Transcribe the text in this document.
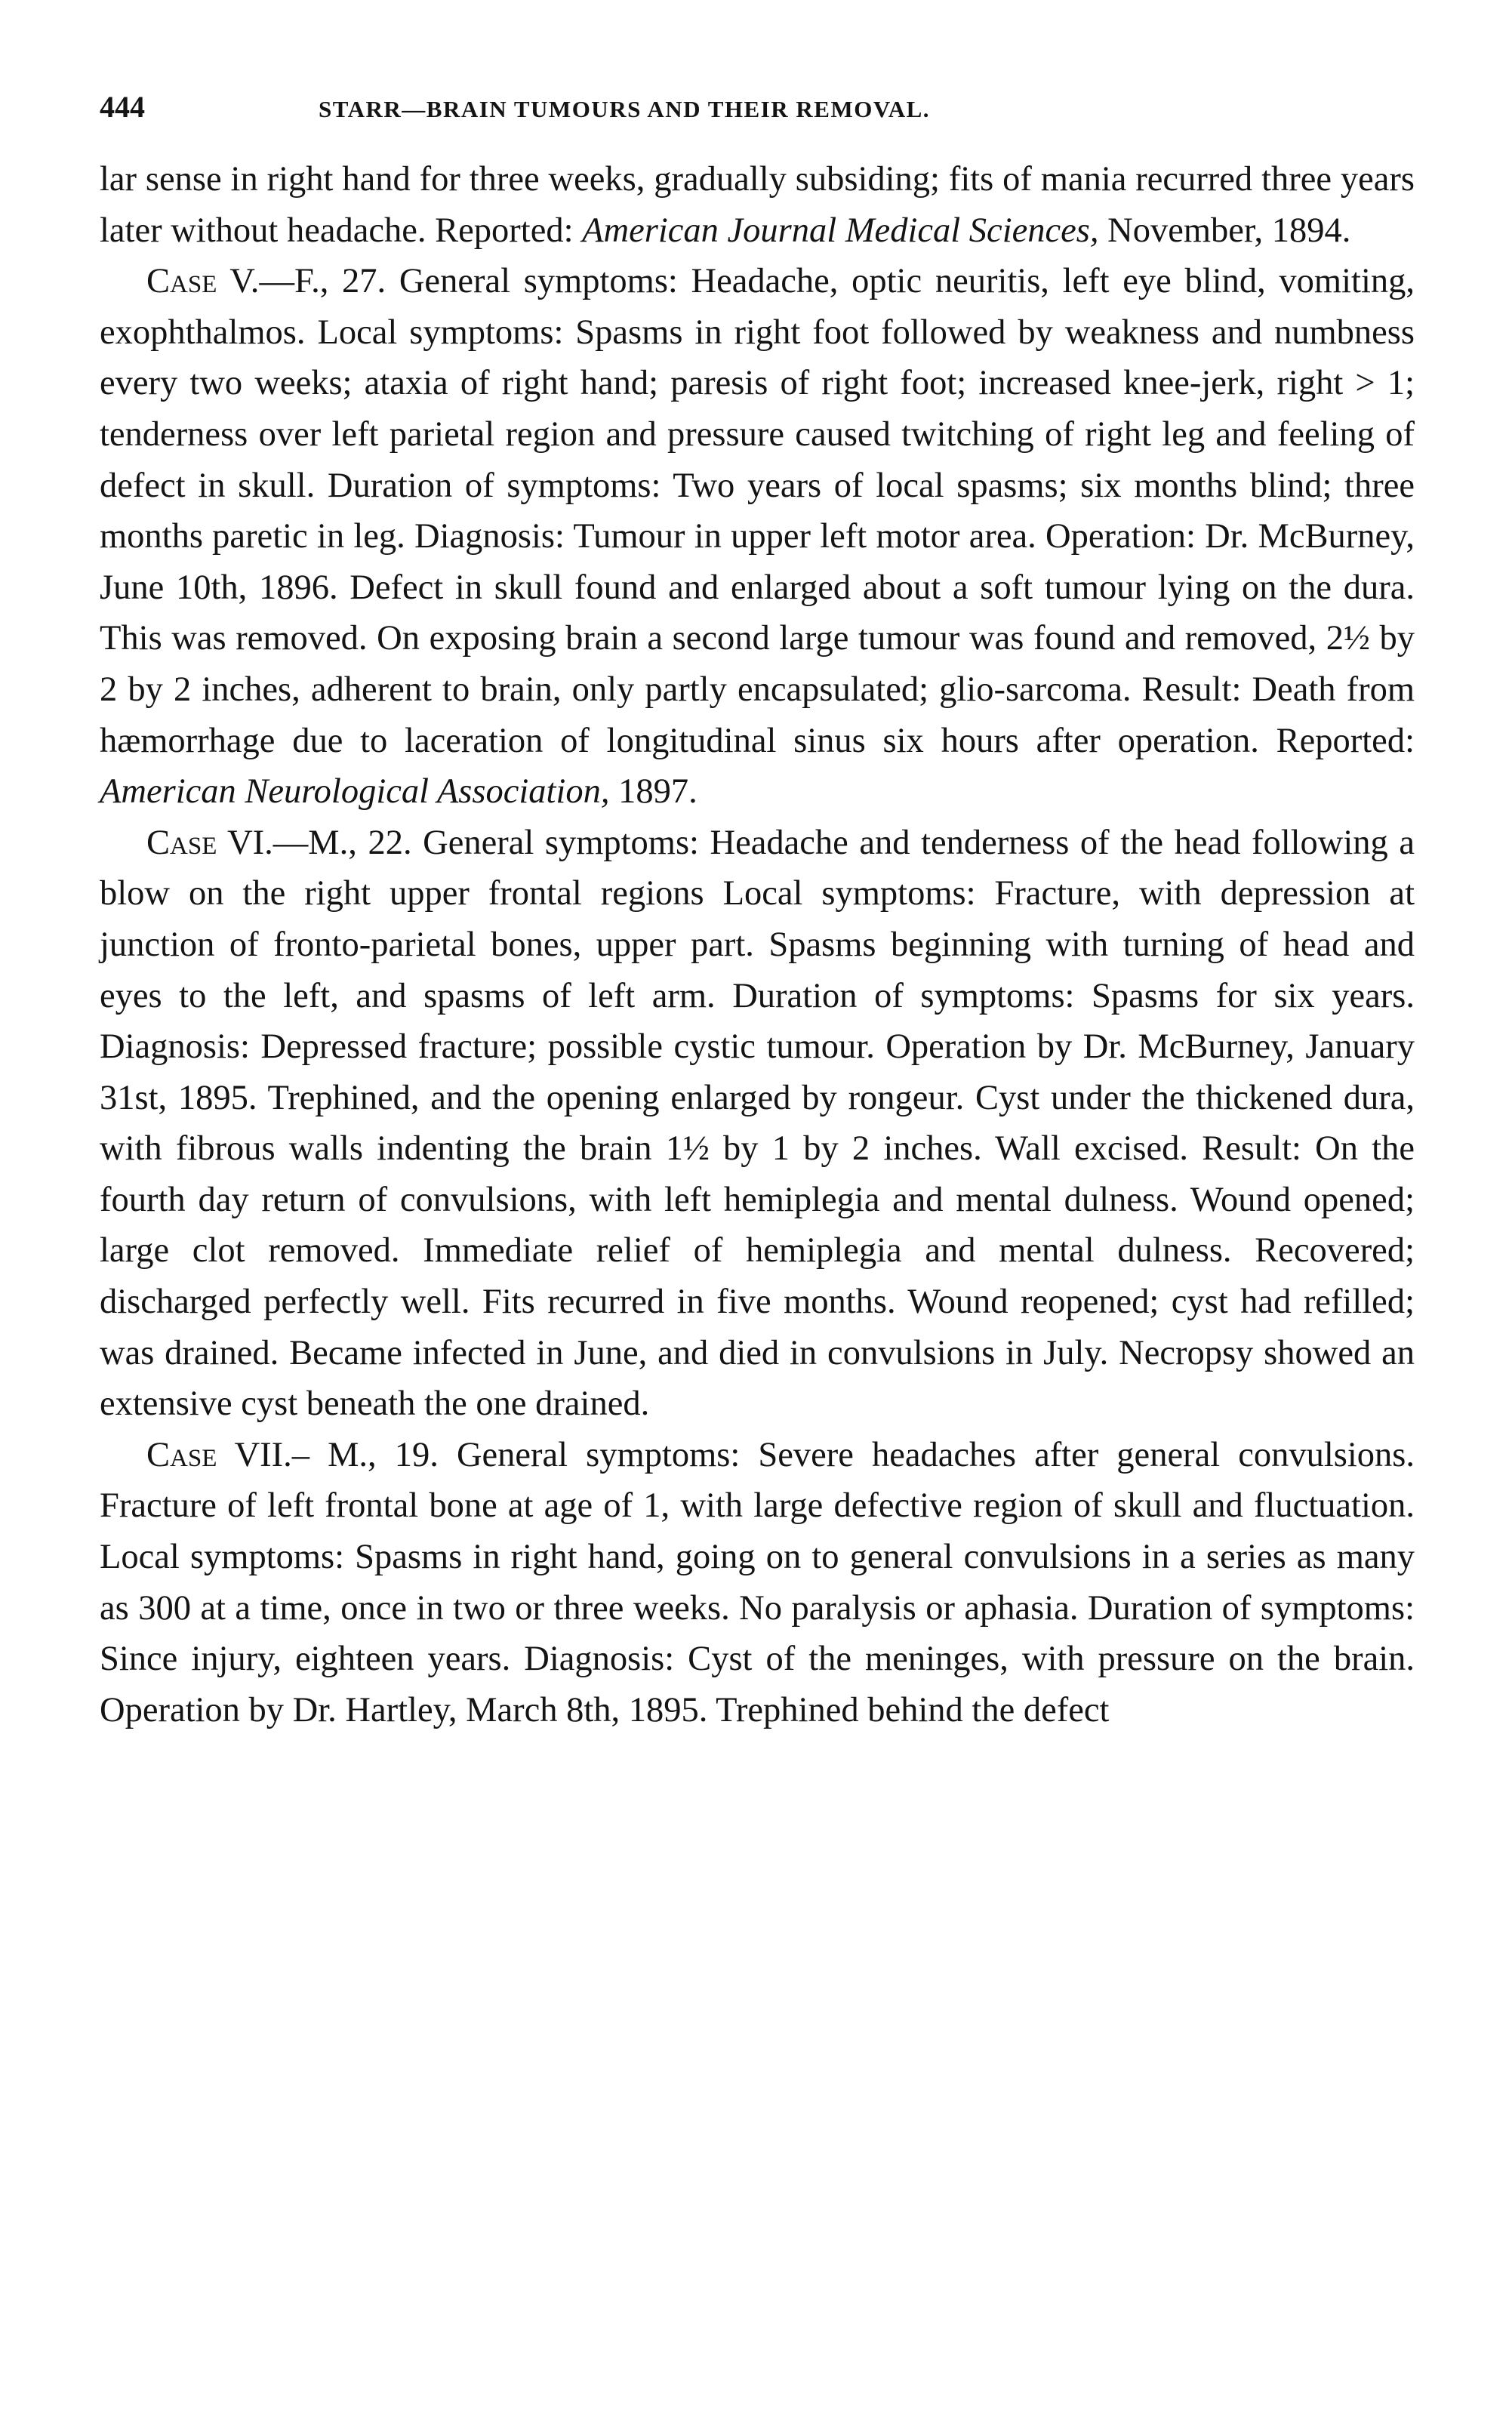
444	STARR—BRAIN TUMOURS AND THEIR REMOVAL.

lar sense in right hand for three weeks, gradually subsiding; fits of mania recurred three years later without headache. Reported: American Journal Medical Sciences, November, 1894.

Case V.—F., 27. General symptoms: Headache, optic neuritis, left eye blind, vomiting, exophthalmos. Local symptoms: Spasms in right foot followed by weakness and numbness every two weeks; ataxia of right hand; paresis of right foot; increased knee-jerk, right > 1; tenderness over left parietal region and pressure caused twitching of right leg and feeling of defect in skull. Duration of symptoms: Two years of local spasms; six months blind; three months paretic in leg. Diagnosis: Tumour in upper left motor area. Operation: Dr. McBurney, June 10th, 1896. Defect in skull found and enlarged about a soft tumour lying on the dura. This was removed. On exposing brain a second large tumour was found and removed, 2½ by 2 by 2 inches, adherent to brain, only partly encapsulated; glio-sarcoma. Result: Death from hæmorrhage due to laceration of longitudinal sinus six hours after operation. Reported: American Neurological Association, 1897.

Case VI.—M., 22. General symptoms: Headache and tenderness of the head following a blow on the right upper frontal regions Local symptoms: Fracture, with depression at junction of fronto-parietal bones, upper part. Spasms beginning with turning of head and eyes to the left, and spasms of left arm. Duration of symptoms: Spasms for six years. Diagnosis: Depressed fracture; possible cystic tumour. Operation by Dr. McBurney, January 31st, 1895. Trephined, and the opening enlarged by rongeur. Cyst under the thickened dura, with fibrous walls indenting the brain 1½ by 1 by 2 inches. Wall excised. Result: On the fourth day return of convulsions, with left hemiplegia and mental dulness. Wound opened; large clot removed. Immediate relief of hemiplegia and mental dulness. Recovered; discharged perfectly well. Fits recurred in five months. Wound reopened; cyst had refilled; was drained. Became infected in June, and died in convulsions in July. Necropsy showed an extensive cyst beneath the one drained.

Case VII.– M., 19. General symptoms: Severe headaches after general convulsions. Fracture of left frontal bone at age of 1, with large defective region of skull and fluctuation. Local symptoms: Spasms in right hand, going on to general convulsions in a series as many as 300 at a time, once in two or three weeks. No paralysis or aphasia. Duration of symptoms: Since injury, eighteen years. Diagnosis: Cyst of the meninges, with pressure on the brain. Operation by Dr. Hartley, March 8th, 1895. Trephined behind the defect
